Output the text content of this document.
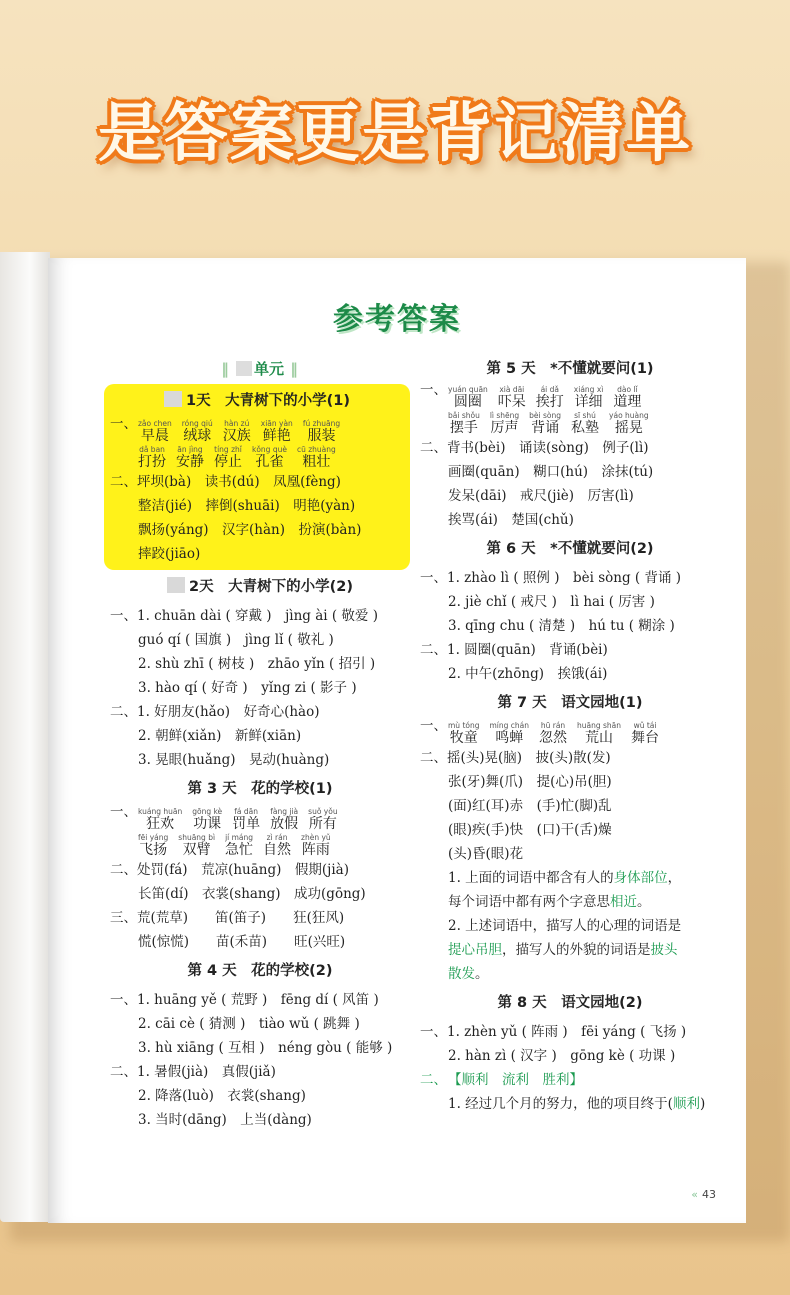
是答案更是背记清单
参考答案
‖ 单元 ‖
1天　大青树下的小学(1)
一、 zǎo chen
早晨
róng qiú
绒球
hàn zú
汉族
xiān yàn
鲜艳
fú zhuāng
服装
dǎ ban
打扮
ān jìng
安静
tíng zhǐ
停止
kǒng què
孔雀
cū zhuàng
粗壮
二、坪坝(bà)　读书(dú)　凤凰(fèng)
整洁(jié)　摔倒(shuāi)　明艳(yàn)
飘扬(yáng)　汉字(hàn)　扮演(bàn)
摔跤(jiāo)
2天　大青树下的小学(2)
一、1. chuān dài ( 穿戴 )　jìng ài ( 敬爱 )
guó qí ( 国旗 )　jìng lǐ ( 敬礼 )
2. shù zhī ( 树枝 )　zhāo yǐn ( 招引 )
3. hào qí ( 好奇 )　yǐng zi ( 影子 )
二、1. 好朋友(hǎo)　好奇心(hào)
2. 朝鲜(xiǎn)　新鲜(xiān)
3. 晃眼(huǎng)　晃动(huàng)
第 3 天　花的学校(1)
一、 kuáng huān
狂欢
gōng kè
功课
fá dān
罚单
fàng jià
放假
suǒ yǒu
所有
fēi yáng
飞扬
shuāng bì
双臂
jí máng
急忙
zì rán
自然
zhèn yǔ
阵雨
二、处罚(fá)　荒凉(huāng)　假期(jià)
长笛(dí)　衣裳(shang)　成功(gōng)
三、荒(荒草)　　笛(笛子)　　狂(狂风)
慌(惊慌)　　苗(禾苗)　　旺(兴旺)
第 4 天　花的学校(2)
一、1. huāng yě ( 荒野 )　fēng dí ( 风笛 )
2. cāi cè ( 猜测 )　tiào wǔ ( 跳舞 )
3. hù xiāng ( 互相 )　néng gòu ( 能够 )
二、1. 暑假(jià)　真假(jiǎ)
2. 降落(luò)　衣裳(shang)
3. 当时(dāng)　上当(dàng)
第 5 天　*不懂就要问(1)
一、 yuán quān
圆圈
xià dāi
吓呆
ái dǎ
挨打
xiáng xì
详细
dào lǐ
道理
bǎi shǒu
摆手
lì shēng
厉声
bèi sòng
背诵
sī shú
私塾
yáo huàng
摇晃
二、背书(bèi)　诵读(sòng)　例子(lì)
画圈(quān)　糊口(hú)　涂抹(tú)
发呆(dāi)　戒尺(jiè)　厉害(lì)
挨骂(ái)　楚国(chǔ)
第 6 天　*不懂就要问(2)
一、1. zhào lì ( 照例 )　bèi sòng ( 背诵 )
2. jiè chǐ ( 戒尺 )　lì hai ( 厉害 )
3. qīng chu ( 清楚 )　hú tu ( 糊涂 )
二、1. 圆圈(quān)　背诵(bèi)
2. 中午(zhōng)　挨饿(ái)
第 7 天　语文园地(1)
一、 mù tóng
牧童
míng chán
鸣蝉
hū rán
忽然
huāng shān
荒山
wǔ tái
舞台
二、摇(头)晃(脑)　披(头)散(发)
张(牙)舞(爪)　提(心)吊(胆)
(面)红(耳)赤　(手)忙(脚)乱
(眼)疾(手)快　(口)干(舌)燥
(头)昏(眼)花
1. 上面的词语中都含有人的身体部位，
每个词语中都有两个字意思相近。
2. 上述词语中，描写人的心理的词语是
提心吊胆，描写人的外貌的词语是披头
散发。
第 8 天　语文园地(2)
一、1. zhèn yǔ ( 阵雨 )　fēi yáng ( 飞扬 )
2. hàn zì ( 汉字 )　gōng kè ( 功课 )
二、【顺利　流利　胜利】
1. 经过几个月的努力，他的项目终于(顺利)
« 43
